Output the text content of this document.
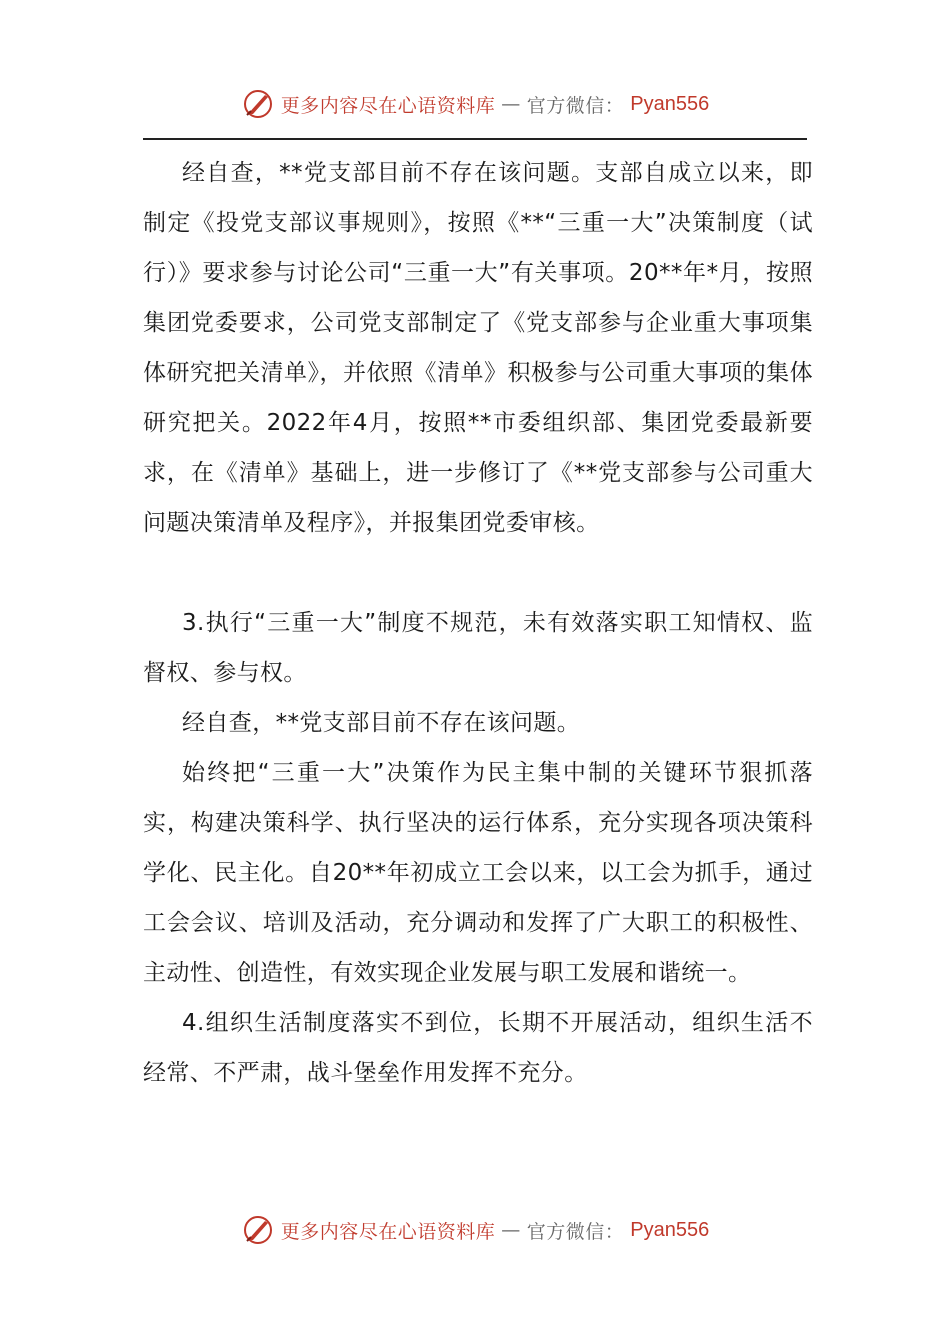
更多内容尽在心语资料库 — 官方微信： Pyan556

经自查，**党支部目前不存在该问题。支部自成立以来，即制定《投党支部议事规则》，按照《**“三重一大”决策制度（试行）》要求参与讨论公司“三重一大”有关事项。20**年*月，按照集团党委要求，公司党支部制定了《党支部参与企业重大事项集体研究把关清单》，并依照《清单》积极参与公司重大事项的集体研究把关。2022年4月，按照**市委组织部、集团党委最新要求，在《清单》基础上，进一步修订了《**党支部参与公司重大问题决策清单及程序》，并报集团党委审核。

3.执行“三重一大”制度不规范，未有效落实职工知情权、监督权、参与权。

经自查，**党支部目前不存在该问题。

始终把“三重一大”决策作为民主集中制的关键环节狠抓落实，构建决策科学、执行坚决的运行体系，充分实现各项决策科学化、民主化。自20**年初成立工会以来，以工会为抓手，通过工会会议、培训及活动，充分调动和发挥了广大职工的积极性、主动性、创造性，有效实现企业发展与职工发展和谐统一。

4.组织生活制度落实不到位，长期不开展活动，组织生活不经常、不严肃，战斗堡垒作用发挥不充分。

更多内容尽在心语资料库 — 官方微信： Pyan556
